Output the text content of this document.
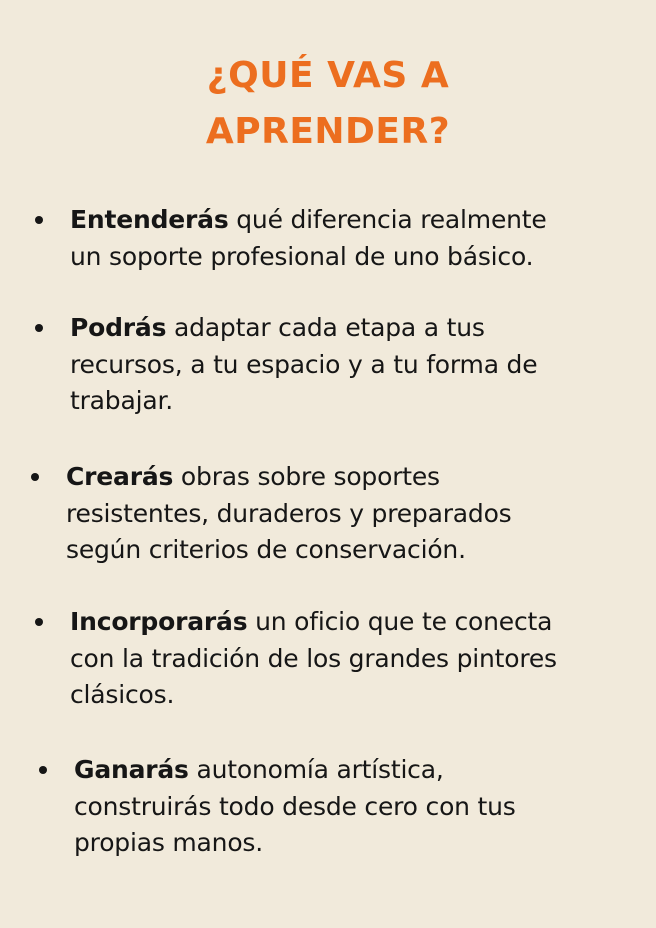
¿QUÉ VAS A
APRENDER?

Entenderás qué diferencia realmente

un soporte profesional de uno básico.

Podrás adaptar cada etapa a tus

recursos, a tu espacio y a tu forma de

trabajar.

Crearás obras sobre soportes

resistentes, duraderos y preparados

según criterios de conservación.

Incorporarás un oficio que te conecta

con la tradición de los grandes pintores

clásicos.

Ganarás autonomía artística,

construirás todo desde cero con tus

propias manos.
